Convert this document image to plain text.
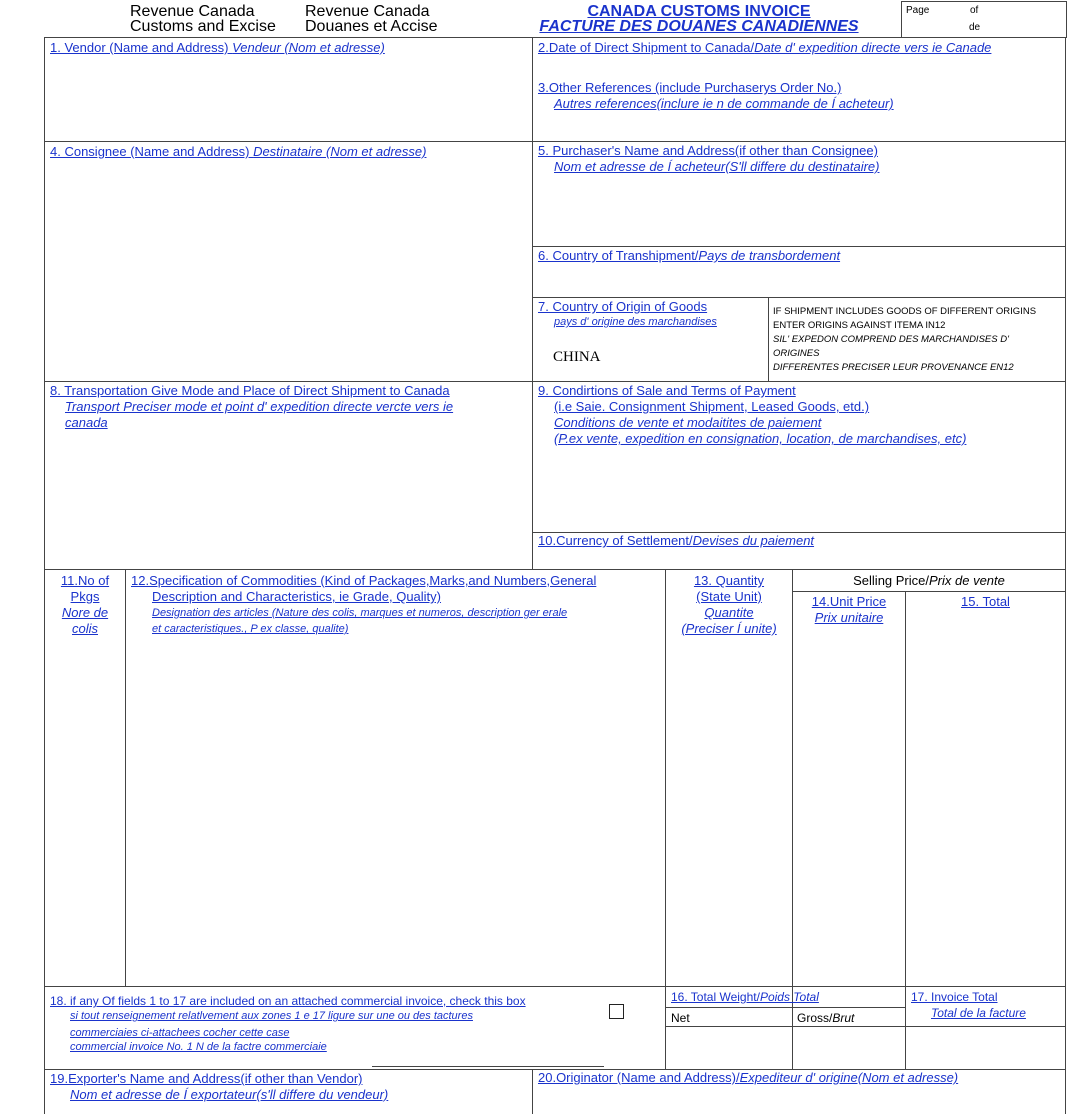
Revenue Canada
Customs and Excise
Revenue Canada
Douanes et Accise
CANADA CUSTOMS INVOICE
FACTURE DES DOUANES CANADIENNES
Page	of
de
1. Vendor (Name and Address) Vendeur (Nom et adresse)	2.Date of Direct Shipment to Canada/Date d' expedition directe vers ie Canade
3.Other References (include Purchaserys Order No.)
Autres references(inclure ie n de commande de Í acheteur)
4. Consignee (Name and Address) Destinataire (Nom et adresse)	5. Purchaser's Name and Address(if other than Consignee)
Nom et adresse de Í acheteur(S'll differe du destinataire)
6. Country of Transhipment/Pays de transbordement
7. Country of Origin of Goods
pays d' origine des marchandises
CHINA
IF SHIPMENT INCLUDES GOODS OF DIFFERENT ORIGINS
ENTER ORIGINS AGAINST ITEMA IN12
SIL' EXPEDON COMPREND DES MARCHANDISES D'
ORIGINES
DIFFERENTES PRECISER LEUR PROVENANCE EN12
8. Transportation Give Mode and Place of Direct Shipment to Canada
Transport Preciser mode et point d' expedition directe vercte vers ie
canada
9. Condirtions of Sale and Terms of Payment
(i.e Saie. Consignment Shipment, Leased Goods, etd.)
Conditions de vente et modaitites de paiement
(P.ex vente, expedition en consignation, location, de marchandises, etc)
10.Currency of Settlement/Devises du paiement
11.No of
Pkgs
Nore de
colis
12.Specification of Commodities (Kind of Packages,Marks,and Numbers,General
Description and Characteristics, ie Grade, Quality)
Designation des articles (Nature des colis, marques et numeros, description ger erale
et caracteristiques., P ex classe, qualite)
13. Quantity
(State Unit)
Quantite
(Preciser Í unite)
Selling Price/Prix de vente
14.Unit Price
Prix unitaire
15. Total
18. if any Of fields 1 to 17 are included on an attached commercial invoice, check this box
si tout renseignement relatlvement aux zones 1 e 17 ligure sur une ou des tactures
commerciaies ci-attachees cocher cette case
commercial invoice No. 1 N de la factre commerciaie
16. Total Weight/Poids Total
Net	Gross/Brut
17. Invoice Total
Total de la facture
19.Exporter's Name and Address(if other than Vendor)
Nom et adresse de Í exportateur(s'll differe du vendeur)
20.Originator (Name and Address)/Expediteur d' origine(Nom et adresse)
